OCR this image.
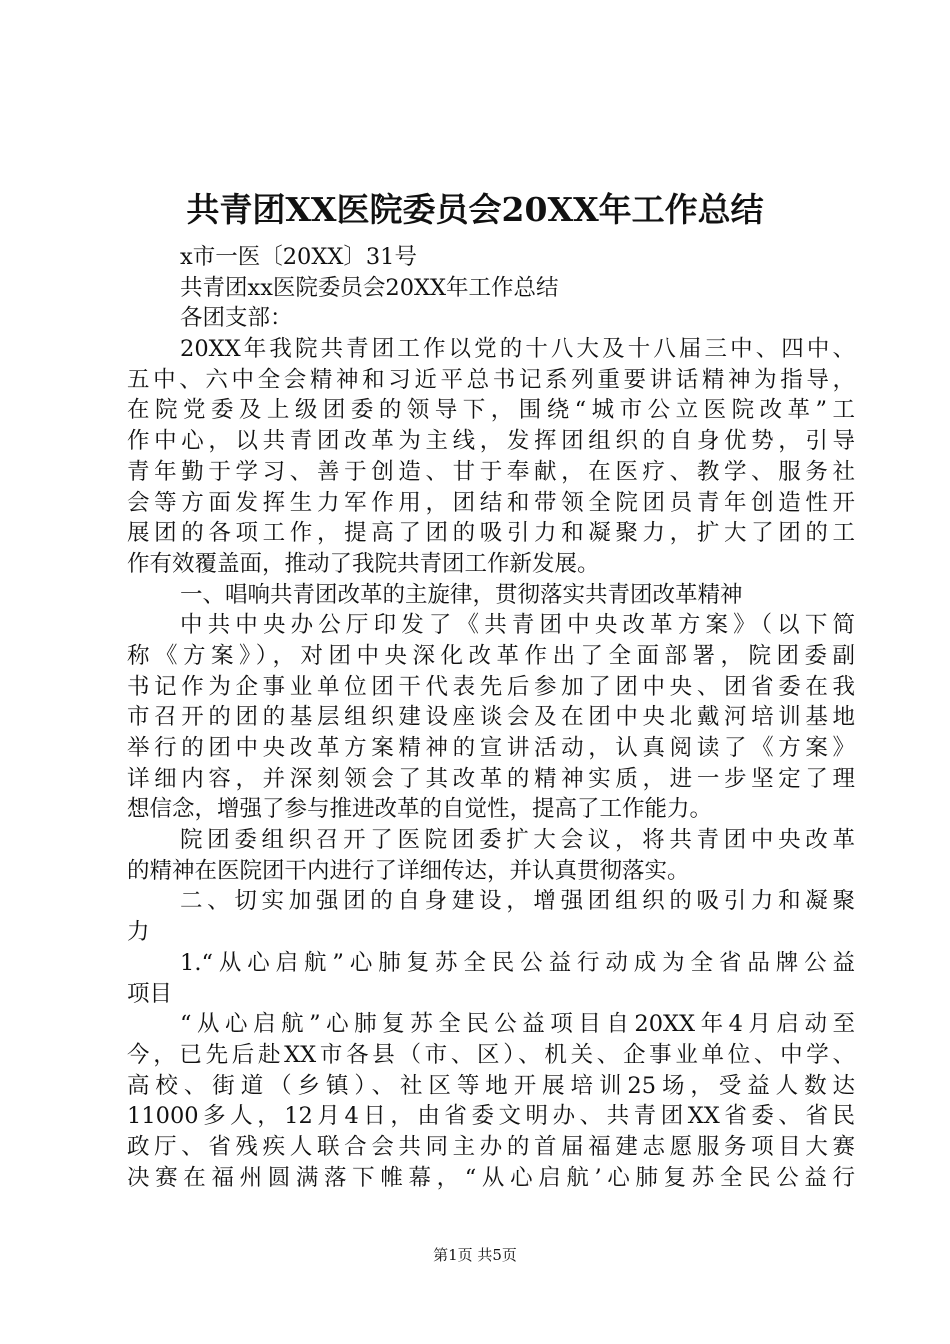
共青团XX医院委员会20XX年工作总结
x市一医〔20XX〕31号
共青团xx医院委员会20XX年工作总结
各团支部：
20XX年我院共青团工作以党的十八大及十八届三中、四中、
五中、六中全会精神和习近平总书记系列重要讲话精神为指导，
在院党委及上级团委的领导下，围绕“城市公立医院改革”工
作中心，以共青团改革为主线，发挥团组织的自身优势，引导
青年勤于学习、善于创造、甘于奉献，在医疗、教学、服务社
会等方面发挥生力军作用，团结和带领全院团员青年创造性开
展团的各项工作，提高了团的吸引力和凝聚力，扩大了团的工
作有效覆盖面，推动了我院共青团工作新发展。
一、唱响共青团改革的主旋律，贯彻落实共青团改革精神
中共中央办公厅印发了《共青团中央改革方案》（以下简
称《方案》），对团中央深化改革作出了全面部署，院团委副
书记作为企事业单位团干代表先后参加了团中央、团省委在我
市召开的团的基层组织建设座谈会及在团中央北戴河培训基地
举行的团中央改革方案精神的宣讲活动，认真阅读了《方案》
详细内容，并深刻领会了其改革的精神实质，进一步坚定了理
想信念，增强了参与推进改革的自觉性，提高了工作能力。
院团委组织召开了医院团委扩大会议，将共青团中央改革
的精神在医院团干内进行了详细传达，并认真贯彻落实。
二、切实加强团的自身建设，增强团组织的吸引力和凝聚
力
1.“从心启航”心肺复苏全民公益行动成为全省品牌公益
项目
“从心启航”心肺复苏全民公益项目自20XX年4月启动至
今，已先后赴XX市各县（市、区）、机关、企事业单位、中学、
高校、街道（乡镇）、社区等地开展培训25场，受益人数达
11000多人，12月4日，由省委文明办、共青团XX省委、省民
政厅、省残疾人联合会共同主办的首届福建志愿服务项目大赛
决赛在福州圆满落下帷幕，“从心启航’心肺复苏全民公益行
第1页 共5页
